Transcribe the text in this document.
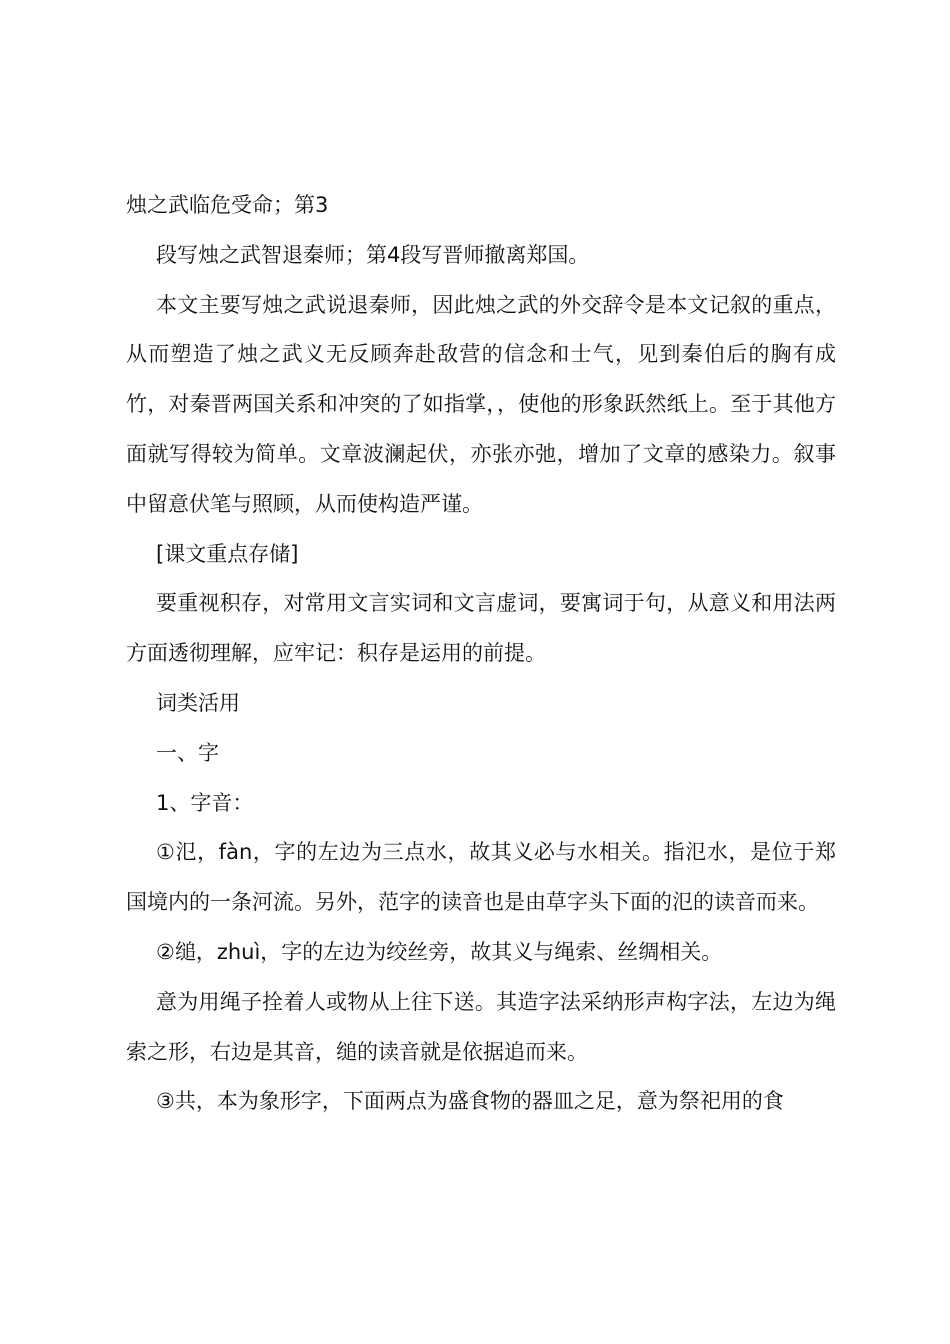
烛之武临危受命；第3

段写烛之武智退秦师；第4段写晋师撤离郑国。

本文主要写烛之武说退秦师，因此烛之武的外交辞令是本文记叙的重点，从而塑造了烛之武义无反顾奔赴敌营的信念和士气，见到秦伯后的胸有成竹，对秦晋两国关系和冲突的了如指掌，，使他的形象跃然纸上。至于其他方面就写得较为简单。文章波澜起伏，亦张亦弛，增加了文章的感染力。叙事中留意伏笔与照顾，从而使构造严谨。

[课文重点存储]

要重视积存，对常用文言实词和文言虚词，要寓词于句，从意义和用法两方面透彻理解，应牢记：积存是运用的前提。

词类活用

一、字

1、字音：

①氾，fàn，字的左边为三点水，故其义必与水相关。指氾水，是位于郑国境内的一条河流。另外，范字的读音也是由草字头下面的氾的读音而来。

②缒，zhuì，字的左边为绞丝旁，故其义与绳索、丝绸相关。

意为用绳子拴着人或物从上往下送。其造字法采纳形声构字法，左边为绳索之形，右边是其音，缒的读音就是依据追而来。

③共，本为象形字，下面两点为盛食物的器皿之足，意为祭祀用的食
